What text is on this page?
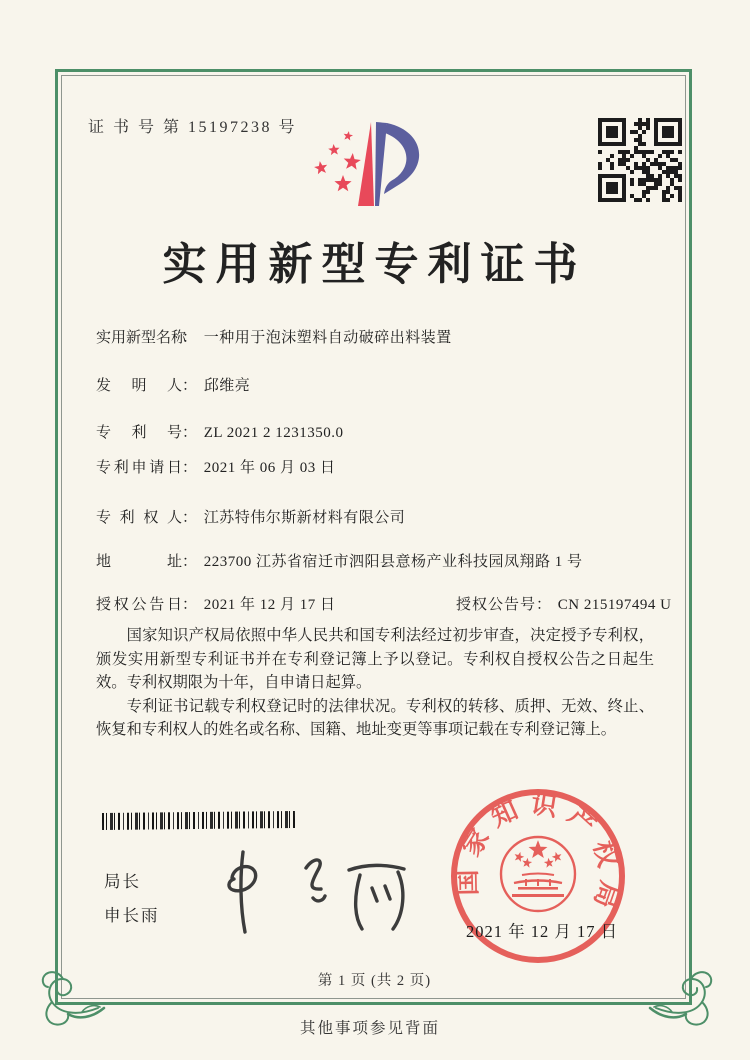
证 书 号 第 15197238 号
实用新型专利证书
实用新型名称： 一种用于泡沫塑料自动破碎出料装置
发 明 人： 邱维亮
专 利 号： ZL 2021 2 1231350.0
专利申请日： 2021 年 06 月 03 日
专 利 权 人： 江苏特伟尔斯新材料有限公司
地 址： 223700 江苏省宿迁市泗阳县意杨产业科技园凤翔路 1 号
授权公告日： 2021 年 12 月 17 日	授权公告号： CN 215197494 U

国家知识产权局依照中华人民共和国专利法经过初步审查，决定授予专利权，颁发实用新型专利证书并在专利登记簿上予以登记。专利权自授权公告之日起生效。专利权期限为十年，自申请日起算。

专利证书记载专利权登记时的法律状况。专利权的转移、质押、无效、终止、恢复和专利权人的姓名或名称、国籍、地址变更等事项记载在专利登记簿上。

局长
申长雨
国家知识产权局
2021 年 12 月 17 日
第 1 页 (共 2 页)
其他事项参见背面
